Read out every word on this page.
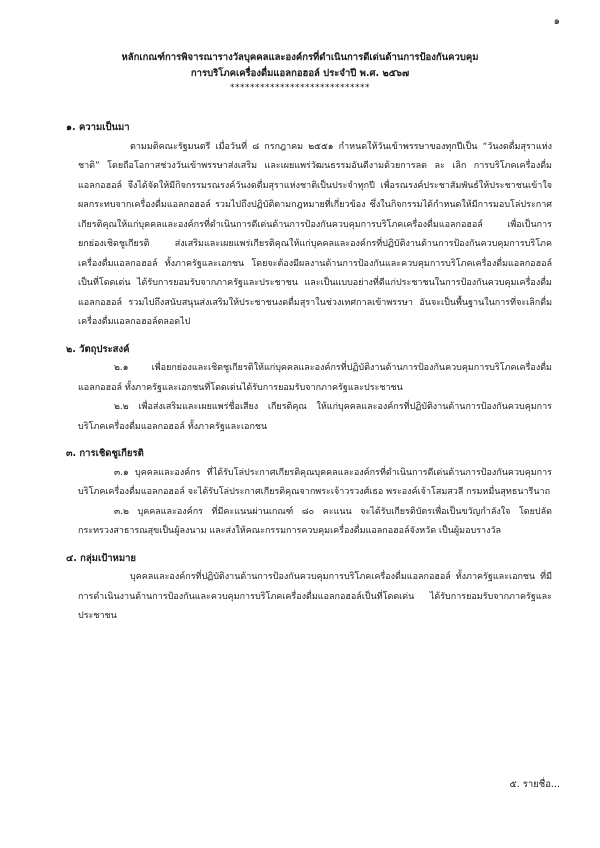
๑
หลักเกณฑ์การพิจารณารางวัลบุคคลและองค์กรที่ดำเนินการดีเด่นด้านการป้องกันควบคุม
การบริโภคเครื่องดื่มแอลกอฮอล์ ประจำปี พ.ศ. ๒๕๖๗
****************************
๑. ความเป็นมา
ตามมติคณะรัฐมนตรี เมื่อวันที่ ๘ กรกฎาคม ๒๕๕๑ กำหนดให้วันเข้าพรรษาของทุกปีเป็น “วันงดดื่มสุราแห่งชาติ” โดยถือโอกาสช่วงวันเข้าพรรษาส่งเสริม และเผยแพร่วัฒนธรรมอันดีงามด้วยการลด ละ เลิก การบริโภคเครื่องดื่มแอลกอฮอล์ จึงได้จัดให้มีกิจกรรมรณรงค์วันงดดื่มสุราแห่งชาติเป็นประจำทุกปี เพื่อรณรงค์ประชาสัมพันธ์ให้ประชาชนเข้าใจผลกระทบจากเครื่องดื่มแอลกอฮอล์ รวมไปถึงปฏิบัติตามกฎหมายที่เกี่ยวข้อง ซึ่งในกิจกรรมได้กำหนดให้มีการมอบโล่ประกาศเกียรติคุณให้แก่บุคคลและองค์กรที่ดำเนินการดีเด่นด้านการป้องกันควบคุมการบริโภคเครื่องดื่มแอลกอฮอล์ เพื่อเป็นการยกย่องเชิดชูเกียรติ ส่งเสริมและเผยแพร่เกียรติคุณให้แก่บุคคลและองค์กรที่ปฏิบัติงานด้านการป้องกันควบคุมการบริโภคเครื่องดื่มแอลกอฮอล์ ทั้งภาครัฐและเอกชน โดยจะต้องมีผลงานด้านการป้องกันและควบคุมการบริโภคเครื่องดื่มแอลกอฮอล์เป็นที่โดดเด่น ได้รับการยอมรับจากภาครัฐและประชาชน และเป็นแบบอย่างที่ดีแก่ประชาชนในการป้องกันควบคุมเครื่องดื่มแอลกอฮอล์ รวมไปถึงสนับสนุนส่งเสริมให้ประชาชนงดดื่มสุราในช่วงเทศกาลเข้าพรรษา อันจะเป็นพื้นฐานในการที่จะเลิกดื่มเครื่องดื่มแอลกอฮอล์ตลอดไป
๒. วัตถุประสงค์
๒.๑ เพื่อยกย่องและเชิดชูเกียรติให้แก่บุคคลและองค์กรที่ปฏิบัติงานด้านการป้องกันควบคุมการบริโภคเครื่องดื่มแอลกอฮอล์ ทั้งภาครัฐและเอกชนที่โดดเด่นได้รับการยอมรับจากภาครัฐและประชาชน
๒.๒ เพื่อส่งเสริมและเผยแพร่ชื่อเสียง เกียรติคุณ ให้แก่บุคคลและองค์กรที่ปฏิบัติงานด้านการป้องกันควบคุมการบริโภคเครื่องดื่มแอลกอฮอล์ ทั้งภาครัฐและเอกชน
๓. การเชิดชูเกียรติ
๓.๑ บุคคลและองค์กร ที่ได้รับโล่ประกาศเกียรติคุณบุคคลและองค์กรที่ดำเนินการดีเด่นด้านการป้องกันควบคุมการบริโภคเครื่องดื่มแอลกอฮอล์ จะได้รับโล่ประกาศเกียรติคุณจากพระเจ้าวรวงศ์เธอ พระองค์เจ้าโสมสวลี กรมหมื่นสุทธนารีนาถ
๓.๒ บุคคลและองค์กร ที่มีคะแนนผ่านเกณฑ์ ๘๐ คะแนน จะได้รับเกียรติบัตรเพื่อเป็นขวัญกำลังใจ โดยปลัดกระทรวงสาธารณสุขเป็นผู้ลงนาม และส่งให้คณะกรรมการควบคุมเครื่องดื่มแอลกอฮอล์จังหวัด เป็นผู้มอบรางวัล
๔. กลุ่มเป้าหมาย
บุคคลและองค์กรที่ปฏิบัติงานด้านการป้องกันควบคุมการบริโภคเครื่องดื่มแอลกอฮอล์ ทั้งภาครัฐและเอกชน ที่มีการดำเนินงานด้านการป้องกันและควบคุมการบริโภคเครื่องดื่มแอลกอฮอล์เป็นที่โดดเด่น ได้รับการยอมรับจากภาครัฐและประชาชน
๕. รายชื่อ...
